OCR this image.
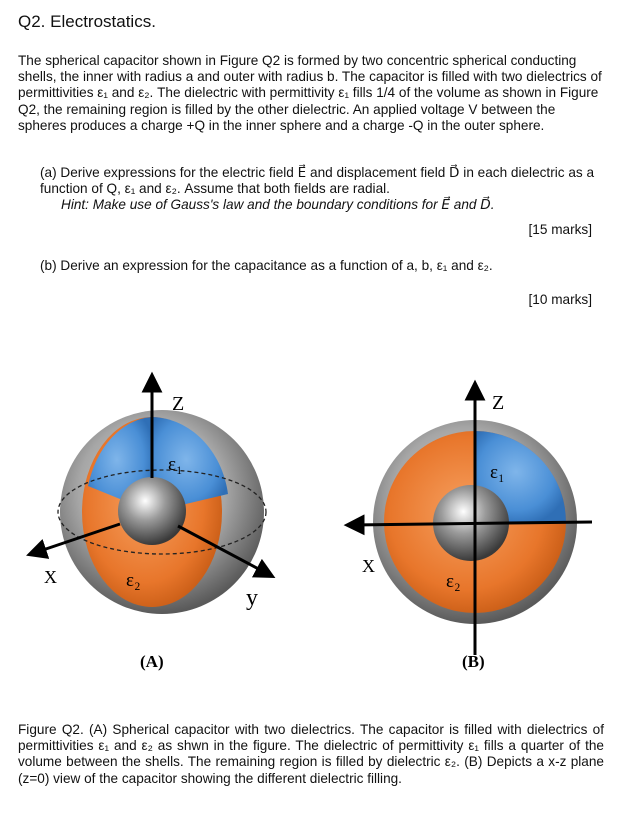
Q2. Electrostatics.
The spherical capacitor shown in Figure Q2 is formed by two concentric spherical conducting shells, the inner with radius a and outer with radius b. The capacitor is filled with two dielectrics of permittivities ε₁ and ε₂. The dielectric with permittivity ε₁ fills 1/4 of the volume as shown in Figure Q2, the remaining region is filled by the other dielectric. An applied voltage V between the spheres produces a charge +Q in the inner sphere and a charge -Q in the outer sphere.
(a) Derive expressions for the electric field E⃗ and displacement field D⃗ in each dielectric as a function of Q, ε₁ and ε₂. Assume that both fields are radial.
Hint: Make use of Gauss's law and the boundary conditions for E⃗ and D⃗.
[15 marks]
(b) Derive an expression for the capacitance as a function of a, b, ε₁ and ε₂.
[10 marks]
Z
X
y
ε₁
ε₂
(A)
Z
X
ε₁
ε₂
(B)
Figure Q2. (A) Spherical capacitor with two dielectrics. The capacitor is filled with dielectrics of permittivities ε₁ and ε₂ as shwn in the figure. The dielectric of permittivity ε₁ fills a quarter of the volume between the shells. The remaining region is filled by dielectric ε₂. (B) Depicts a x-z plane (z=0) view of the capacitor showing the different dielectric filling.
